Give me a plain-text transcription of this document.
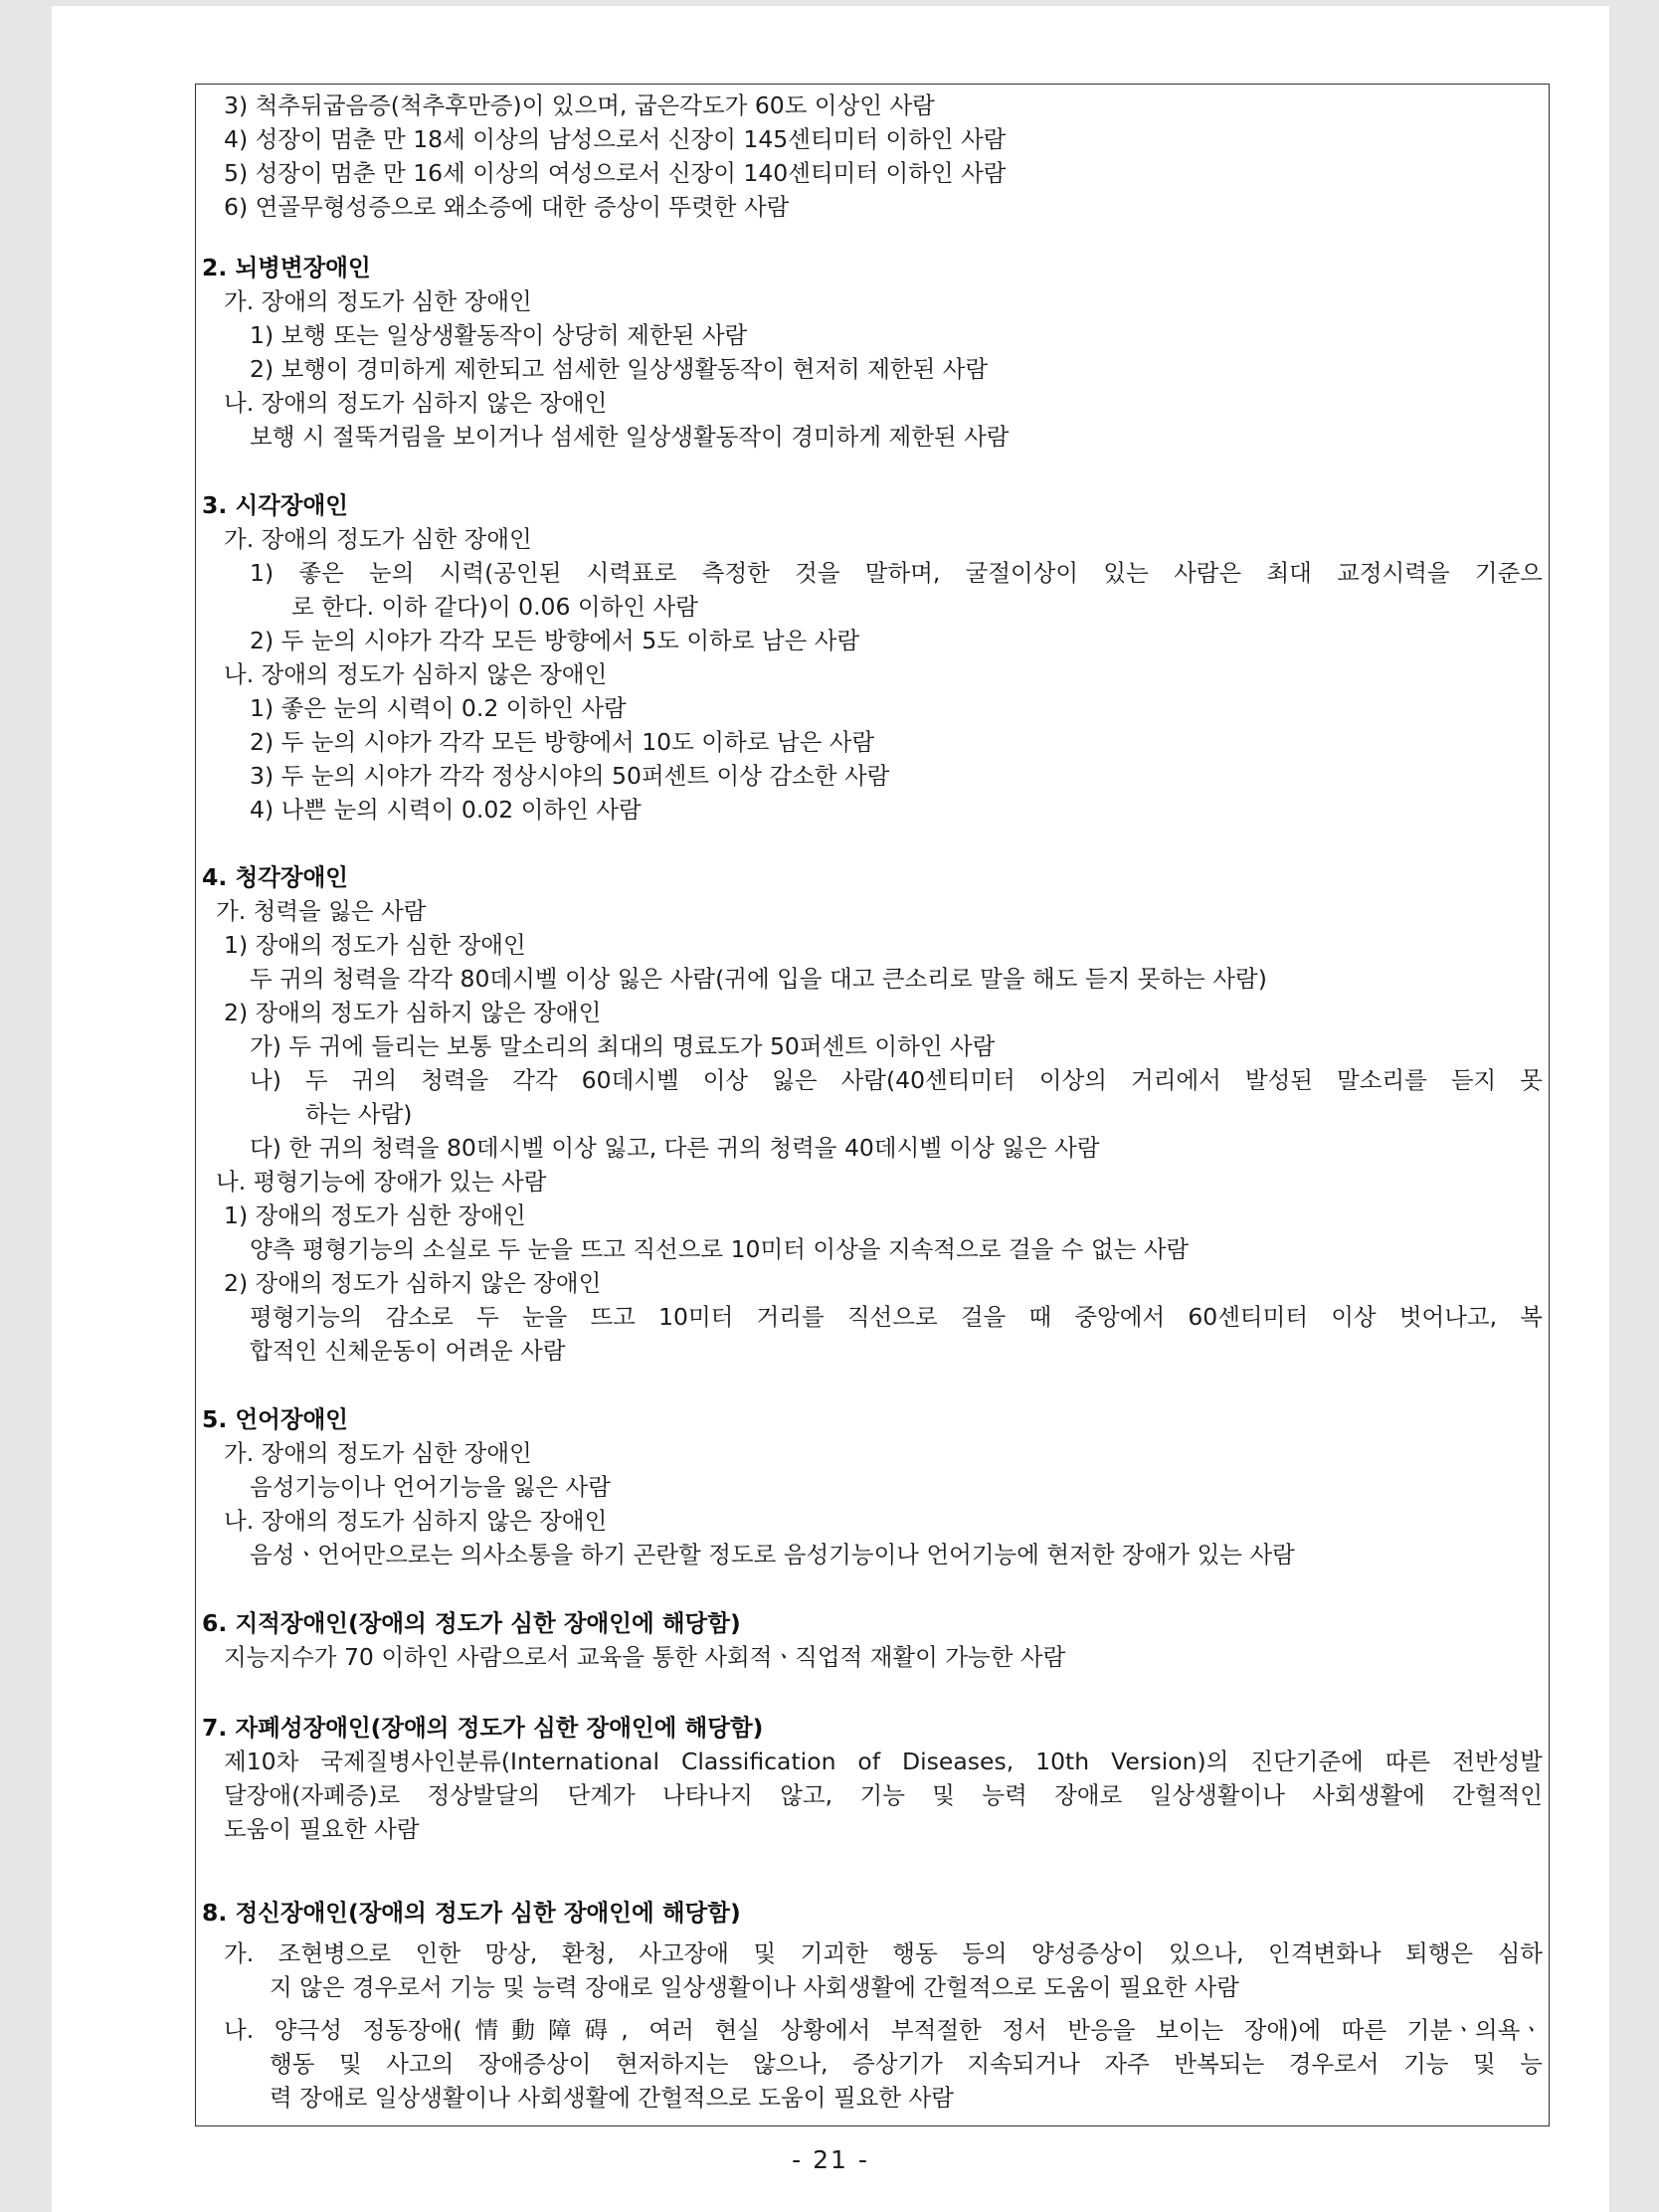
3) 척추뒤굽음증(척추후만증)이 있으며, 굽은각도가 60도 이상인 사람
4) 성장이 멈춘 만 18세 이상의 남성으로서 신장이 145센티미터 이하인 사람
5) 성장이 멈춘 만 16세 이상의 여성으로서 신장이 140센티미터 이하인 사람
6) 연골무형성증으로 왜소증에 대한 증상이 뚜렷한 사람
2. 뇌병변장애인
가. 장애의 정도가 심한 장애인
1) 보행 또는 일상생활동작이 상당히 제한된 사람
2) 보행이 경미하게 제한되고 섬세한 일상생활동작이 현저히 제한된 사람
나. 장애의 정도가 심하지 않은 장애인
보행 시 절뚝거림을 보이거나 섬세한 일상생활동작이 경미하게 제한된 사람
3. 시각장애인
가. 장애의 정도가 심한 장애인
1) 좋은 눈의 시력(공인된 시력표로 측정한 것을 말하며, 굴절이상이 있는 사람은 최대 교정시력을 기준으
로 한다. 이하 같다)이 0.06 이하인 사람
2) 두 눈의 시야가 각각 모든 방향에서 5도 이하로 남은 사람
나. 장애의 정도가 심하지 않은 장애인
1) 좋은 눈의 시력이 0.2 이하인 사람
2) 두 눈의 시야가 각각 모든 방향에서 10도 이하로 남은 사람
3) 두 눈의 시야가 각각 정상시야의 50퍼센트 이상 감소한 사람
4) 나쁜 눈의 시력이 0.02 이하인 사람
4. 청각장애인
가. 청력을 잃은 사람
1) 장애의 정도가 심한 장애인
두 귀의 청력을 각각 80데시벨 이상 잃은 사람(귀에 입을 대고 큰소리로 말을 해도 듣지 못하는 사람)
2) 장애의 정도가 심하지 않은 장애인
가) 두 귀에 들리는 보통 말소리의 최대의 명료도가 50퍼센트 이하인 사람
나) 두 귀의 청력을 각각 60데시벨 이상 잃은 사람(40센티미터 이상의 거리에서 발성된 말소리를 듣지 못
하는 사람)
다) 한 귀의 청력을 80데시벨 이상 잃고, 다른 귀의 청력을 40데시벨 이상 잃은 사람
나. 평형기능에 장애가 있는 사람
1) 장애의 정도가 심한 장애인
양측 평형기능의 소실로 두 눈을 뜨고 직선으로 10미터 이상을 지속적으로 걸을 수 없는 사람
2) 장애의 정도가 심하지 않은 장애인
평형기능의 감소로 두 눈을 뜨고 10미터 거리를 직선으로 걸을 때 중앙에서 60센티미터 이상 벗어나고, 복
합적인 신체운동이 어려운 사람
5. 언어장애인
가. 장애의 정도가 심한 장애인
음성기능이나 언어기능을 잃은 사람
나. 장애의 정도가 심하지 않은 장애인
음성ㆍ언어만으로는 의사소통을 하기 곤란할 정도로 음성기능이나 언어기능에 현저한 장애가 있는 사람
6. 지적장애인(장애의 정도가 심한 장애인에 해당함)
지능지수가 70 이하인 사람으로서 교육을 통한 사회적ㆍ직업적 재활이 가능한 사람
7. 자폐성장애인(장애의 정도가 심한 장애인에 해당함)
제10차 국제질병사인분류(International Classification of Diseases, 10th Version)의 진단기준에 따른 전반성발
달장애(자폐증)로 정상발달의 단계가 나타나지 않고, 기능 및 능력 장애로 일상생활이나 사회생활에 간헐적인
도움이 필요한 사람
8. 정신장애인(장애의 정도가 심한 장애인에 해당함)
가. 조현병으로 인한 망상, 환청, 사고장애 및 기괴한 행동 등의 양성증상이 있으나, 인격변화나 퇴행은 심하
지 않은 경우로서 기능 및 능력 장애로 일상생활이나 사회생활에 간헐적으로 도움이 필요한 사람
나. 양극성 정동장애(情動障碍, 여러 현실 상황에서 부적절한 정서 반응을 보이는 장애)에 따른 기분ㆍ의욕ㆍ
행동 및 사고의 장애증상이 현저하지는 않으나, 증상기가 지속되거나 자주 반복되는 경우로서 기능 및 능
력 장애로 일상생활이나 사회생활에 간헐적으로 도움이 필요한 사람
- 21 -
